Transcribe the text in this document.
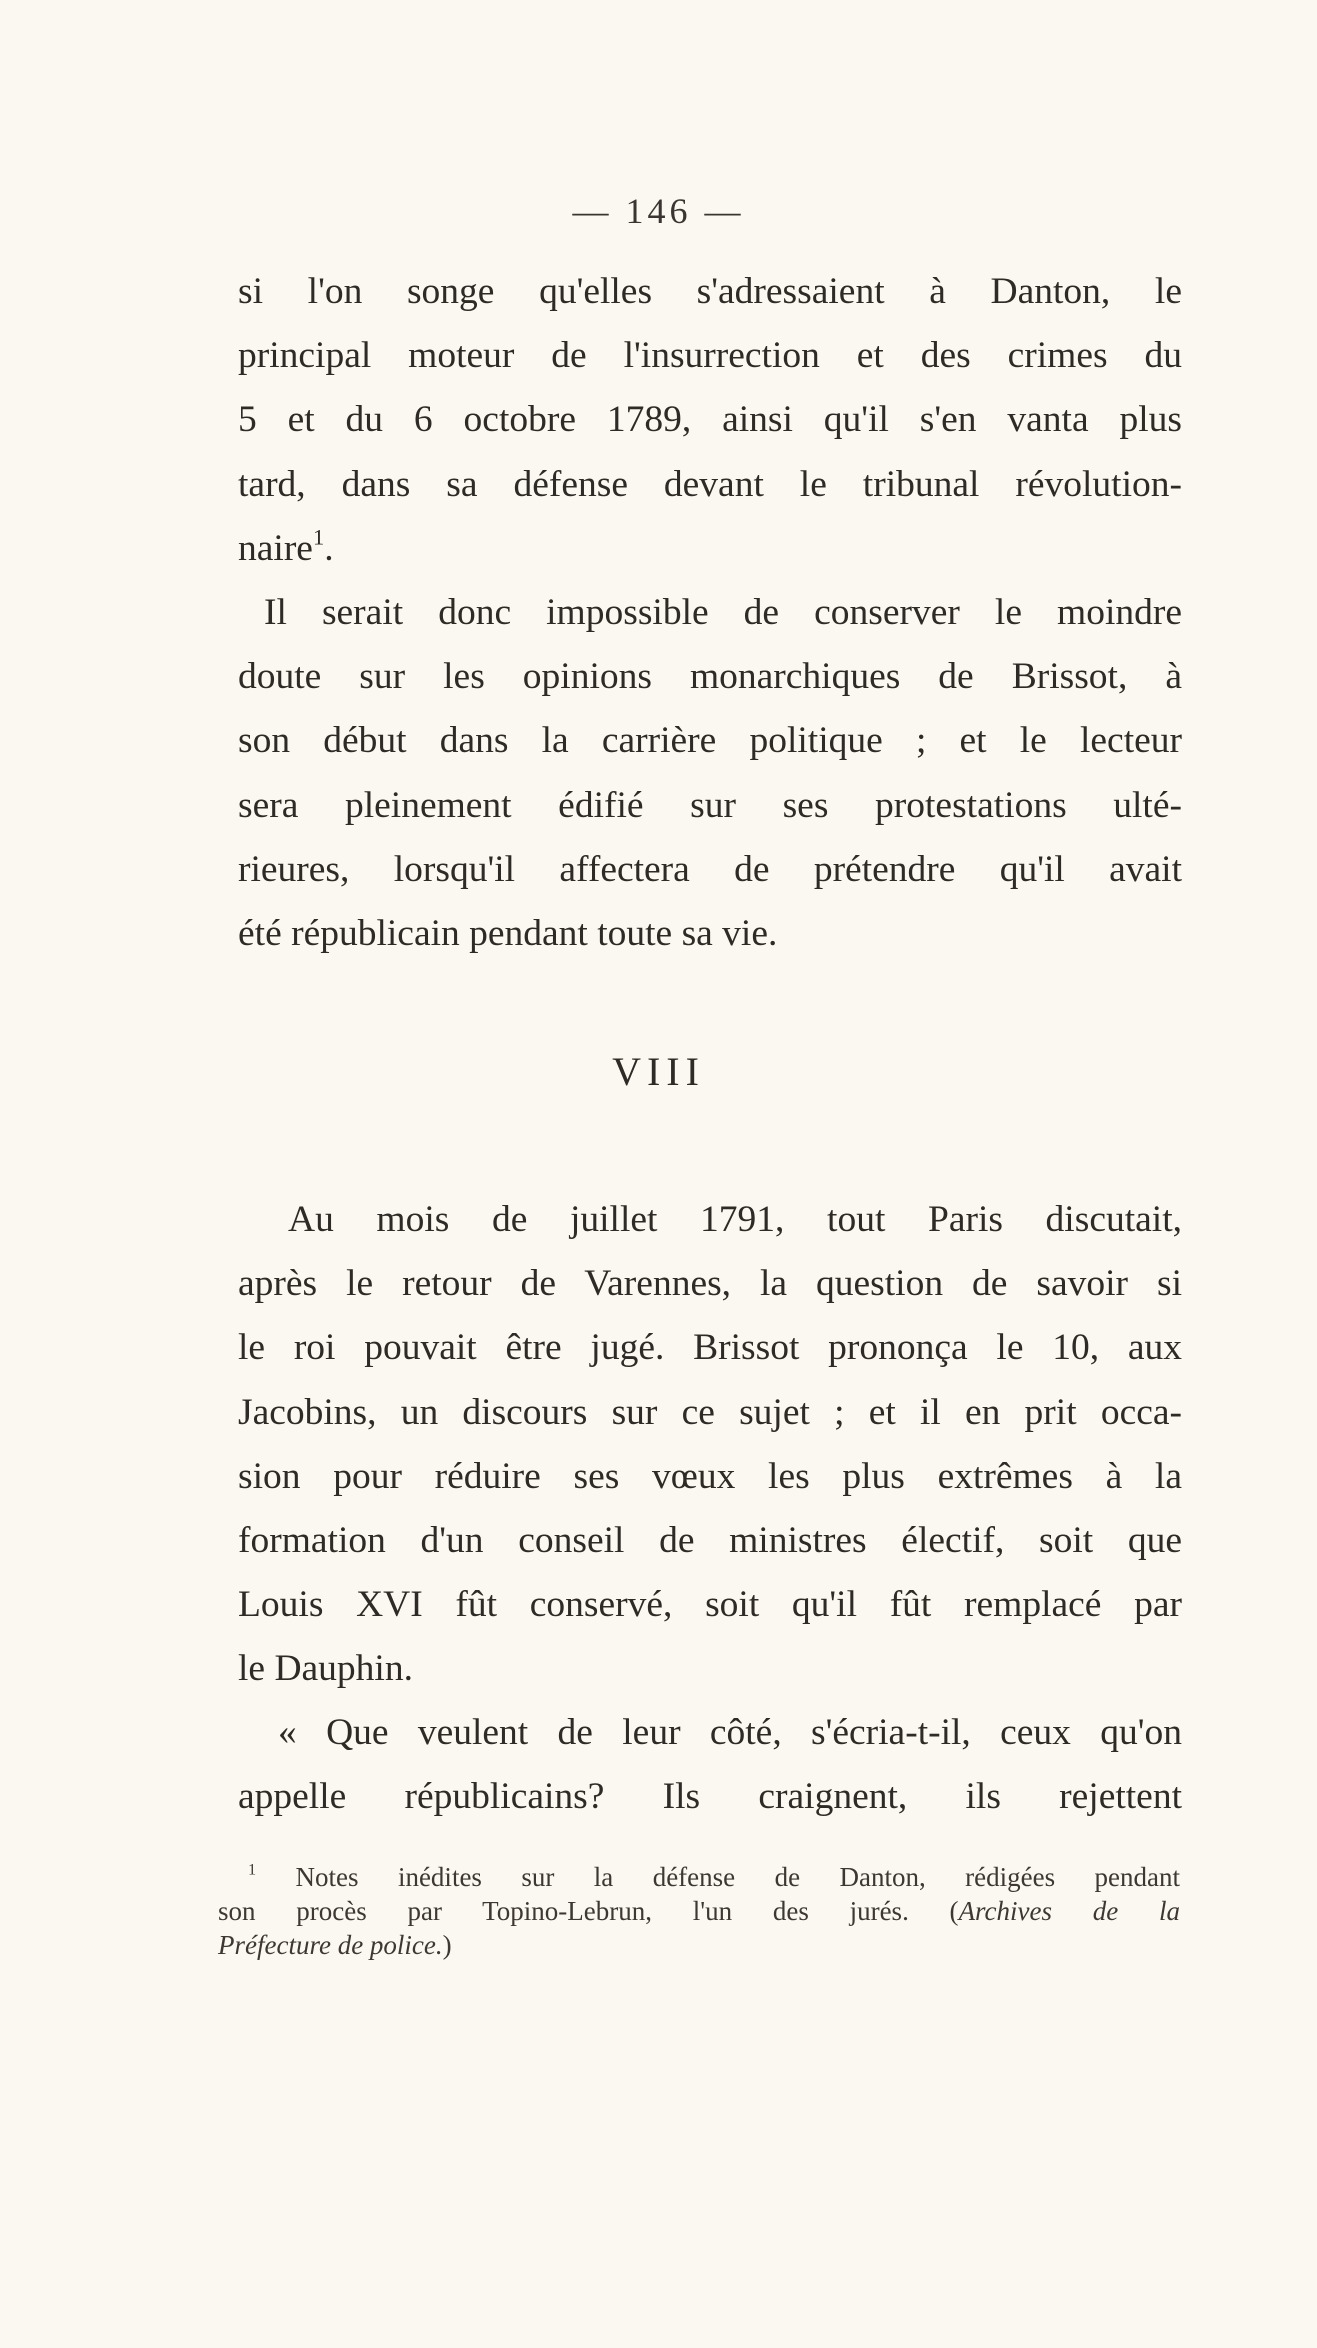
— 146 —
si l'on songe qu'elles s'adressaient à Danton, le
principal moteur de l'insurrection et des crimes du
5 et du 6 octobre 1789, ainsi qu'il s'en vanta plus
tard, dans sa défense devant le tribunal révolution-
naire$^1$.
Il serait donc impossible de conserver le moindre
doute sur les opinions monarchiques de Brissot, à
son début dans la carrière politique ; et le lecteur
sera pleinement édifié sur ses protestations ulté-
rieures, lorsqu'il affectera de prétendre qu'il avait
été républicain pendant toute sa vie.
VIII
Au mois de juillet 1791, tout Paris discutait,
après le retour de Varennes, la question de savoir si
le roi pouvait être jugé. Brissot prononça le 10, aux
Jacobins, un discours sur ce sujet ; et il en prit occa-
sion pour réduire ses vœux les plus extrêmes à la
formation d'un conseil de ministres électif, soit que
Louis XVI fût conservé, soit qu'il fût remplacé par
le Dauphin.
« Que veulent de leur côté, s'écria-t-il, ceux qu'on
appelle républicains? Ils craignent, ils rejettent
$^1$ Notes inédites sur la défense de Danton, rédigées pendant
son procès par Topino-Lebrun, l'un des jurés. (Archives de la
Préfecture de police.)
